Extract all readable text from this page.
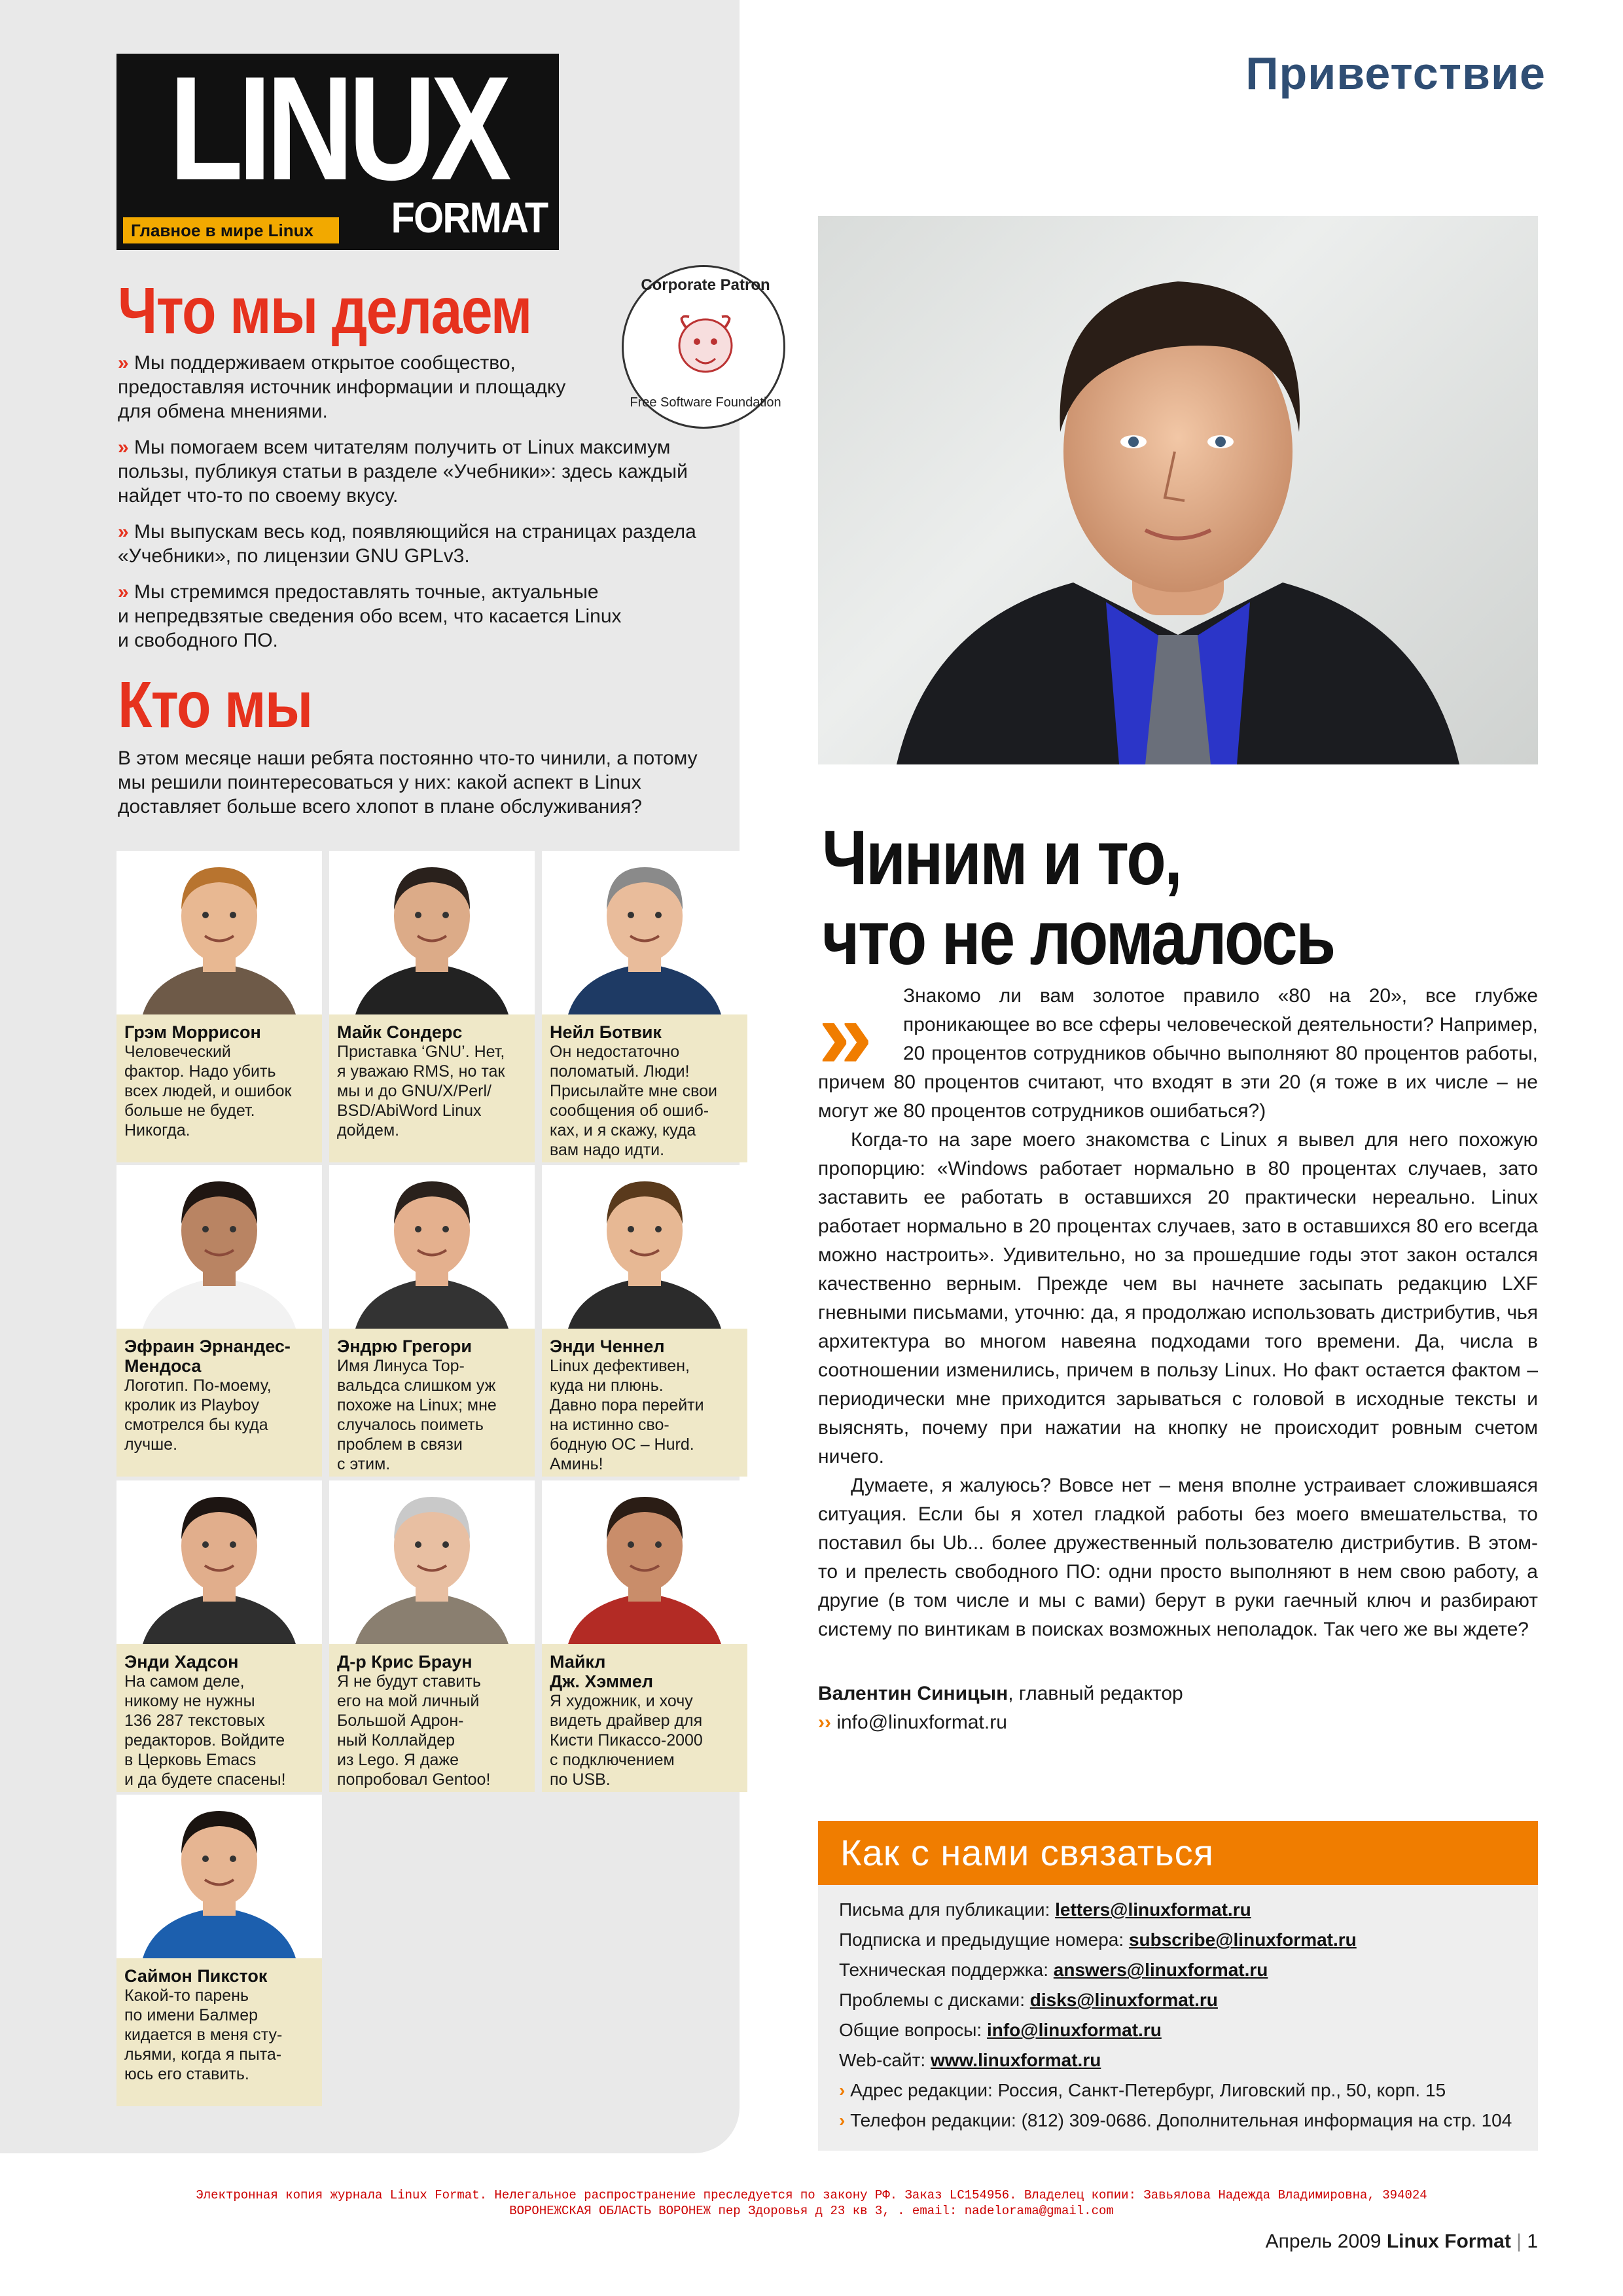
LINUX
Главное в мире Linux	FORMAT
Corporate Patron
Free Software Foundation
Что мы делаем
» Мы поддерживаем открытое сообщество,
предоставляя источник информации и площадку
для обмена мнениями.
» Мы помогаем всем читателям получить от Linux максимум
пользы, публикуя статьи в разделе «Учебники»: здесь каждый
найдет что-то по своему вкусу.
» Мы выпускам весь код, появляющийся на страницах раздела
«Учебники», по лицензии GNU GPLv3.
» Мы стремимся предоставлять точные, актуальные
и непредвзятые сведения обо всем, что касается Linux
и свободного ПО.
Кто мы
В этом месяце наши ребята постоянно что-то чинили, а потому
мы решили поинтересоваться у них: какой аспект в Linux
доставляет больше всего хлопот в плане обслуживания?
Грэм Моррисон
Человеческий
фактор. Надо убить
всех людей, и ошибок
больше не будет.
Никогда.
Майк Сондерс
Приставка ‘GNU’. Нет,
я уважаю RMS, но так
мы и до GNU/X/Perl/
BSD/AbiWord Linux
дойдем.
Нейл Ботвик
Он недостаточно
поломатый. Люди!
Присылайте мне свои
сообщения об ошиб-
ках, и я скажу, куда
вам надо идти.
Эфраин Эрнандес-
Мендоса
Логотип. По-моему,
кролик из Playboy
смотрелся бы куда
лучше.
Эндрю Грегори
Имя Линуса Тор-
вальдса слишком уж
похоже на Linux; мне
случалось поиметь
проблем в связи
с этим.
Энди Ченнел
Linux дефективен,
куда ни плюнь.
Давно пора перейти
на истинно сво-
бодную ОС – Hurd.
Аминь!
Энди Хадсон
На самом деле,
никому не нужны
136 287 текстовых
редакторов. Войдите
в Церковь Emacs
и да будете спасены!
Д-р Крис Браун
Я не будут ставить
его на мой личный
Большой Адрон-
ный Коллайдер
из Lego. Я даже
попробовал Gentoo!
Майкл
Дж. Хэммел
Я художник, и хочу
видеть драйвер для
Кисти Пикассо-2000
с подключением
по USB.
Саймон Пиксток
Какой-то парень
по имени Балмер
кидается в меня сту-
льями, когда я пыта-
юсь его ставить.
Приветствие
Чиним и то,
что не ломалось
»	Знакомо ли вам золотое правило «80 на 20», все глубже проникающее во все сферы человеческой деятельности? Например, 20 процентов сотрудников обычно выполняют 80 процентов работы, причем 80 процентов считают, что входят в эти 20 (я тоже в их числе – не могут же 80 процентов сотрудников ошибаться?)

Когда-то на заре моего знакомства с Linux я вывел для него похожую пропорцию: «Windows работает нормально в 80 процентах случаев, зато заставить ее работать в оставшихся 20 практически нереально. Linux работает нормально в 20 процентах случаев, зато в оставшихся 80 его всегда можно настроить». Удивительно, но за прошедшие годы этот закон остался качественно верным. Прежде чем вы начнете засыпать редакцию LXF гневными письмами, уточню: да, я продолжаю использовать дистрибутив, чья архитектура во многом навеяна подходами того времени. Да, числа в соотношении изменились, причем в пользу Linux. Но факт остается фактом – периодически мне приходится зарываться с головой в исходные тексты и выяснять, почему при нажатии на кнопку не происходит ровным счетом ничего.

Думаете, я жалуюсь? Вовсе нет – меня вполне устраивает сложившаяся ситуация. Если бы я хотел гладкой работы без моего вмешательства, то поставил бы Ub... более дружественный пользователю дистрибутив. В этом-то и прелесть свободного ПО: одни просто выполняют в нем свою работу, а другие (в том числе и мы с вами) берут в руки гаечный ключ и разбирают систему по винтикам в поисках возможных неполадок. Так чего же вы ждете?

Валентин Синицын, главный редактор
›› info@linuxformat.ru
Как с нами связаться
Письма для публикации: letters@linuxformat.ru
Подписка и предыдущие номера: subscribe@linuxformat.ru
Техническая поддержка: answers@linuxformat.ru
Проблемы с дисками: disks@linuxformat.ru
Общие вопросы: info@linuxformat.ru
Web-сайт: www.linuxformat.ru
› Адрес редакции: Россия, Санкт-Петербург, Лиговский пр., 50, корп. 15
› Телефон редакции: (812) 309-0686. Дополнительная информация на стр. 104
Электронная копия журнала Linux Format. Нелегальное распространение преследуется по закону РФ. Заказ LC154956. Владелец копии: Завьялова Надежда Владимировна, 394024
ВОРОНЕЖСКАЯ ОБЛАСТЬ ВОРОНЕЖ пер Здоровья д 23 кв 3, . email: nadelorama@gmail.com
Апрель 2009 Linux Format | 1
